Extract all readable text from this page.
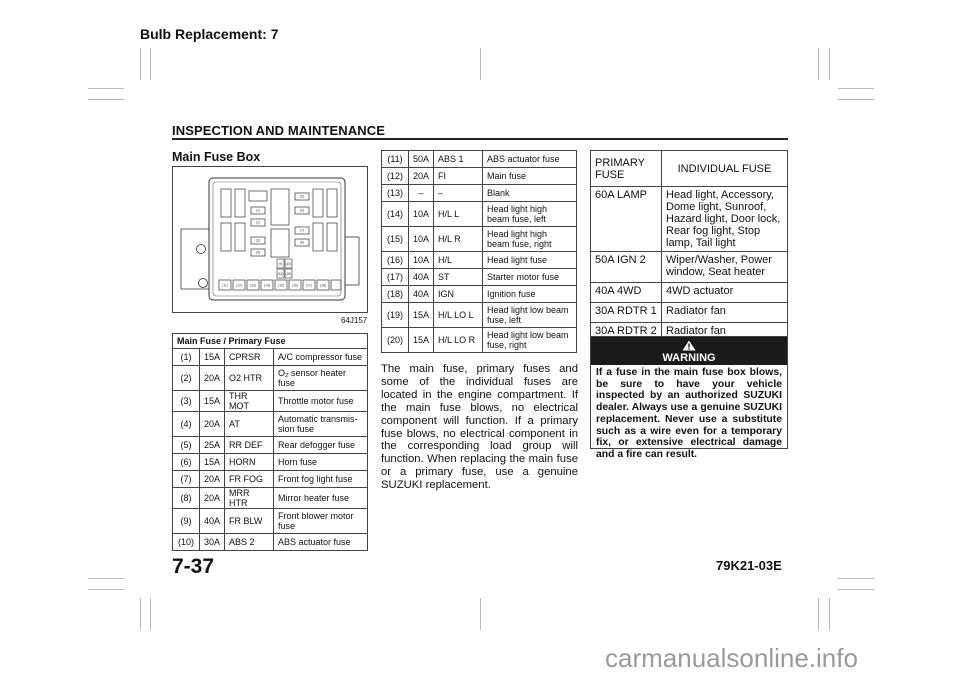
Bulb Replacement: 7
INSPECTION AND MAINTENANCE
Main Fuse Box
(1)
(2)
(3)
(4)
(5)
(6)
(7)
(8)
(9) (10)
(11)	(12)	(13)	(14)	(15)	(16)	(17)	(18)
(19) (20)
64J157
Main Fuse / Primary Fuse			
(1)	15A	CPRSR	A/C compressor fuse
(2)	20A	O2 HTR	O₂ sensor heater fuse
(3)	15A	THR MOT	Throttle motor fuse
(4)	20A	AT	Automatic transmis-sion fuse
(5)	25A	RR DEF	Rear defogger fuse
(6)	15A	HORN	Horn fuse
(7)	20A	FR FOG	Front fog light fuse
(8)	20A	MRR HTR	Mirror heater fuse
(9)	40A	FR BLW	Front blower motor fuse
(10)	30A	ABS 2	ABS actuator fuse
(11)	50A	ABS 1	ABS actuator fuse
(12)	20A	FI	Main fuse
(13)	–	–	Blank
(14)	10A	H/L L	Head light high beam fuse, left
(15)	10A	H/L R	Head light high beam fuse, right
(16)	10A	H/L	Head light fuse
(17)	40A	ST	Starter motor fuse
(18)	40A	IGN	Ignition fuse
(19)	15A	H/L LO L	Head light low beam fuse, left
(20)	15A	H/L LO R	Head light low beam fuse, right
The main fuse, primary fuses and some of the individual fuses are located in the engine compartment. If the main fuse blows, no electrical component will function. If a primary fuse blows, no electrical component in the corresponding load group will function. When replacing the main fuse or a primary fuse, use a genuine SUZUKI replacement.
PRIMARY FUSE	INDIVIDUAL FUSE
60A LAMP	Head light, Accessory, Dome light, Sunroof, Hazard light, Door lock, Rear fog light, Stop lamp, Tail light
50A IGN 2	Wiper/Washer, Power window, Seat heater
40A 4WD	4WD actuator
30A RDTR 1	Radiator fan
30A RDTR 2	Radiator fan
WARNING
If a fuse in the main fuse box blows, be sure to have your vehicle inspected by an authorized SUZUKI dealer. Always use a genuine SUZUKI replacement. Never use a substitute such as a wire even for a temporary fix, or extensive electrical damage and a fire can result.
7-37	79K21-03E
carmanualsonline.info
